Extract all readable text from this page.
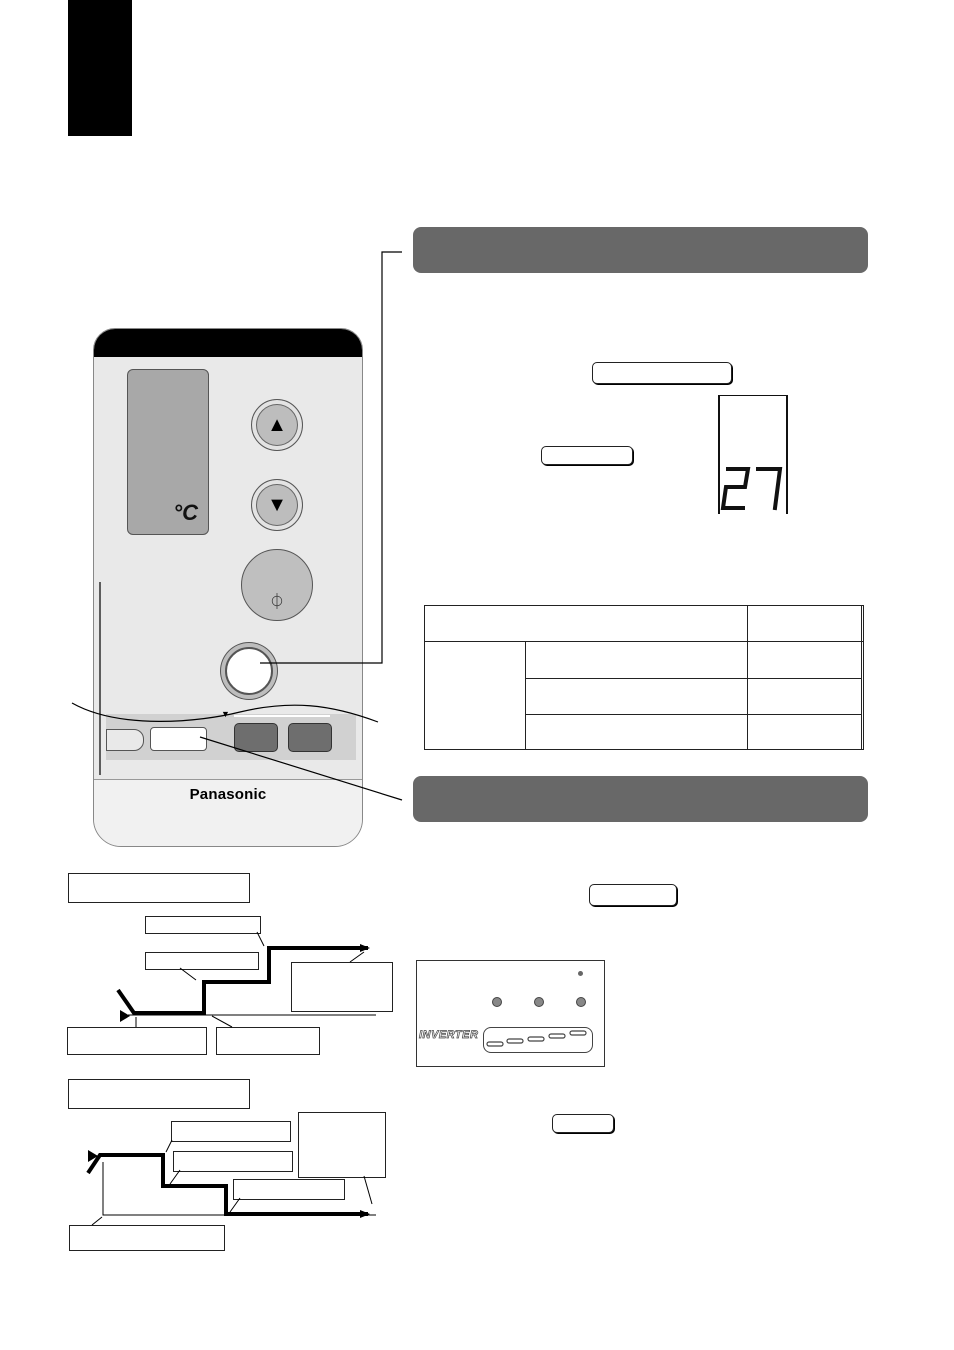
°C
▲
▼
⏀
▼
Panasonic

INVERTER
